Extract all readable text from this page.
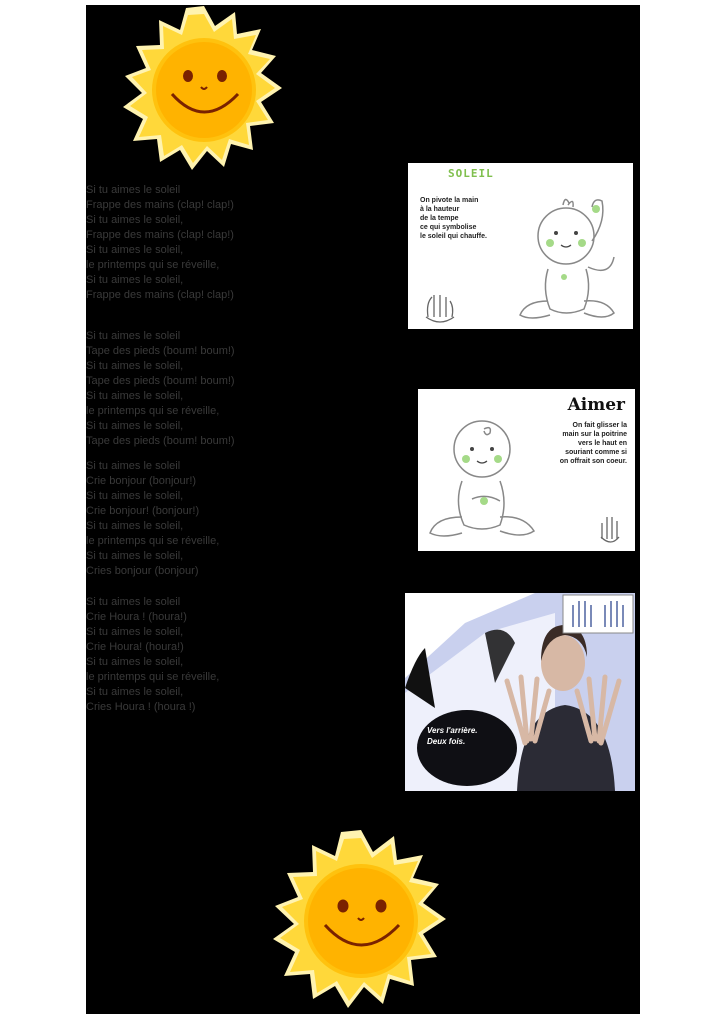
Si tu aimes le soleil
Frappe des mains (clap! clap!)
Si tu aimes le soleil,
Frappe des mains (clap! clap!)
Si tu aimes le soleil,
le printemps qui se réveille,
Si tu aimes le soleil,
Frappe des mains (clap! clap!)
Si tu aimes le soleil
Tape des pieds (boum! boum!)
Si tu aimes le soleil,
Tape des pieds (boum! boum!)
Si tu aimes le soleil,
le printemps qui se réveille,
Si tu aimes le soleil,
Tape des pieds (boum! boum!)
Si tu aimes le soleil
Crie bonjour (bonjour!)
Si tu aimes le soleil,
Crie bonjour! (bonjour!)
Si tu aimes le soleil,
le printemps qui se réveille,
Si tu aimes le soleil,
Cries bonjour (bonjour)
Si tu aimes le soleil
Crie Houra ! (houra!)
Si tu aimes le soleil,
Crie Houra! (houra!)
Si tu aimes le soleil,
le printemps qui se réveille,
Si tu aimes le soleil,
Cries Houra ! (houra !)
SOLEIL
On pivote la main
à la hauteur
de la tempe
ce qui symbolise
le soleil qui chauffe.
Aimer
On fait glisser la
main sur la poitrine
vers le haut en
souriant comme si
on offrait son coeur.
Vers l'arrière.
Deux fois.
